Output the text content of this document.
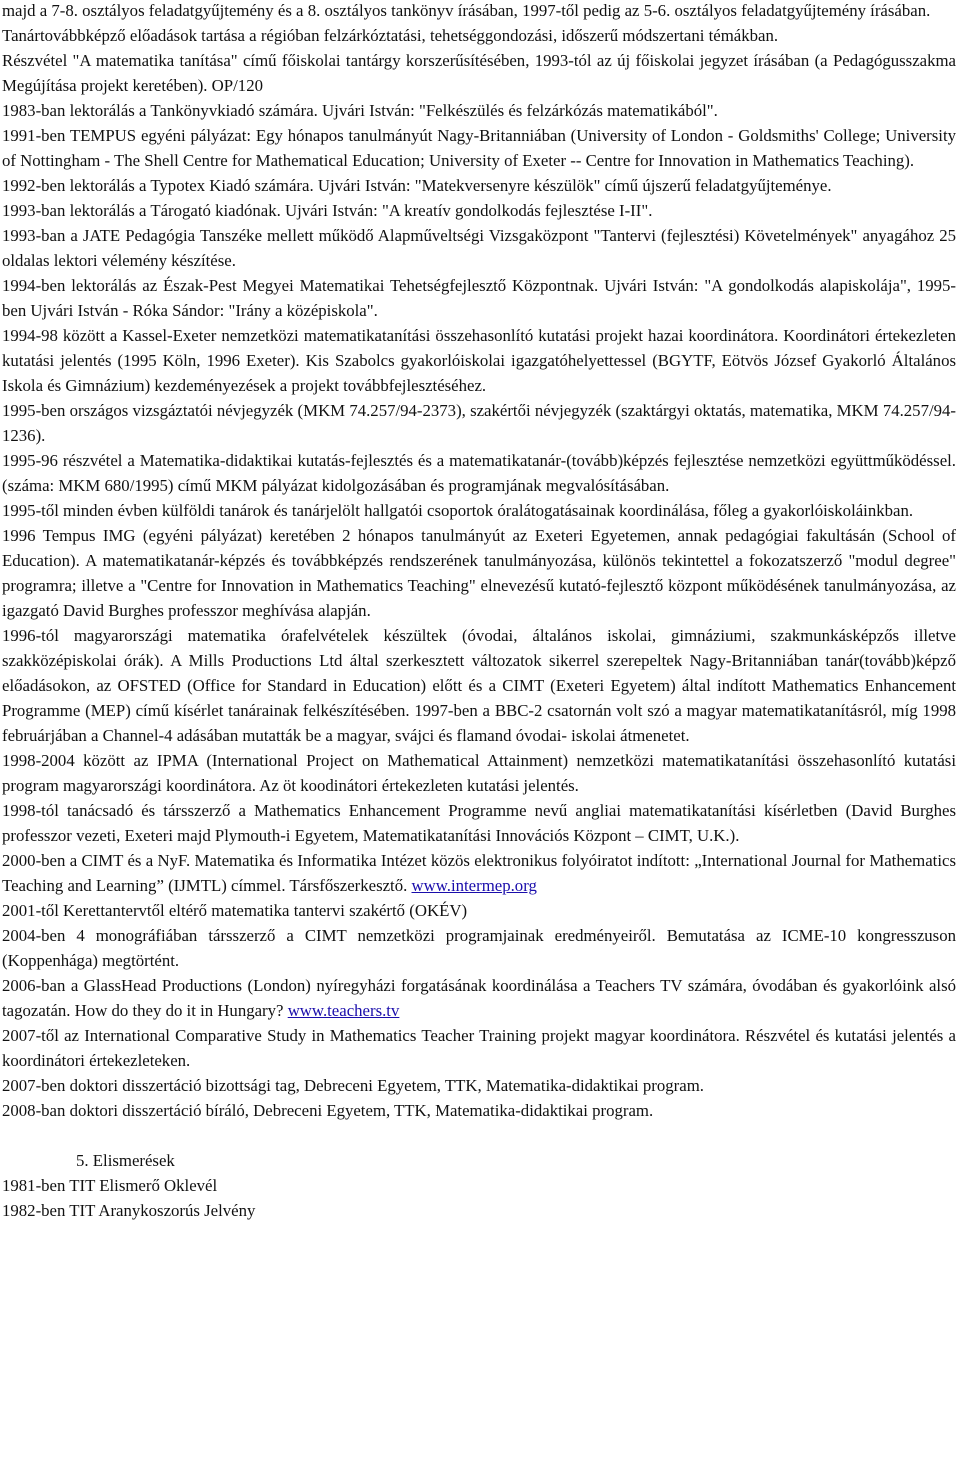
majd a 7-8. osztályos feladatgyűjtemény és a 8. osztályos tankönyv írásában, 1997-től pedig az 5-6. osztályos feladatgyűjtemény írásában.

Tanártovábbképző előadások tartása a régióban felzárkóztatási, tehetséggondozási, időszerű módszertani témákban.

Részvétel "A matematika tanítása" című főiskolai tantárgy korszerűsítésében, 1993-tól az új főiskolai jegyzet írásában (a Pedagógusszakma Megújítása projekt keretében). OP/120

1983-ban lektorálás a Tankönyvkiadó számára. Ujvári István: "Felkészülés és felzárkózás matematikából".

1991-ben TEMPUS egyéni pályázat: Egy hónapos tanulmányút Nagy-Britanniában (University of London - Goldsmiths' College; University of Nottingham - The Shell Centre for Mathematical Education; University of Exeter -- Centre for Innovation in Mathematics Teaching).

1992-ben lektorálás a Typotex Kiadó számára. Ujvári István: "Matekversenyre készülök" című újszerű feladatgyűjteménye.

1993-ban lektorálás a Tárogató kiadónak. Ujvári István: "A kreatív gondolkodás fejlesztése I-II".

1993-ban a JATE Pedagógia Tanszéke mellett működő Alapműveltségi Vizsgaközpont "Tantervi (fejlesztési) Követelmények" anyagához 25 oldalas lektori vélemény készítése.

1994-ben lektorálás az Észak-Pest Megyei Matematikai Tehetségfejlesztő Központnak. Ujvári István: "A gondolkodás alapiskolája", 1995-ben Ujvári István - Róka Sándor: "Irány a középiskola".

1994-98 között a Kassel-Exeter nemzetközi matematikatanítási összehasonlító kutatási projekt hazai koordinátora. Koordinátori értekezleten kutatási jelentés (1995 Köln, 1996 Exeter). Kis Szabolcs gyakorlóiskolai igazgatóhelyettessel (BGYTF, Eötvös József Gyakorló Általános Iskola és Gimnázium) kezdeményezések a projekt továbbfejlesztéséhez.

1995-ben országos vizsgáztatói névjegyzék (MKM 74.257/94-2373), szakértői névjegyzék (szaktárgyi oktatás, matematika, MKM 74.257/94-1236).

1995-96 részvétel a Matematika-didaktikai kutatás-fejlesztés és a matematikatanár-(tovább)képzés fejlesztése nemzetközi együttműködéssel. (száma: MKM 680/1995) című MKM pályázat kidolgozásában és programjának megvalósításában.

1995-től minden évben külföldi tanárok és tanárjelölt hallgatói csoportok óralátogatásainak koordinálása, főleg a gyakorlóiskoláinkban.

1996 Tempus IMG (egyéni pályázat) keretében 2 hónapos tanulmányút az Exeteri Egyetemen, annak pedagógiai fakultásán (School of Education). A matematikatanár-képzés és továbbképzés rendszerének tanulmányozása, különös tekintettel a fokozatszerző "modul degree" programra; illetve a "Centre for Innovation in Mathematics Teaching" elnevezésű kutató-fejlesztő központ működésének tanulmányozása, az igazgató David Burghes professzor meghívása alapján.

1996-tól magyarországi matematika órafelvételek készültek (óvodai, általános iskolai, gimnáziumi, szakmunkásképzős illetve szakközépiskolai órák). A Mills Productions Ltd által szerkesztett változatok sikerrel szerepeltek Nagy-Britanniában tanár(tovább)képző előadásokon, az OFSTED (Office for Standard in Education) előtt és a CIMT (Exeteri Egyetem) által indított Mathematics Enhancement Programme (MEP) című kísérlet tanárainak felkészítésében. 1997-ben a BBC-2 csatornán volt szó a magyar matematikatanításról, míg 1998 februárjában a Channel-4 adásában mutatták be a magyar, svájci és flamand óvodai- iskolai átmenetet.

1998-2004 között az IPMA (International Project on Mathematical Attainment) nemzetközi matematikatanítási összehasonlító kutatási program magyarországi koordinátora. Az öt koodinátori értekezleten kutatási jelentés.

1998-tól tanácsadó és társszerző a Mathematics Enhancement Programme nevű angliai matematikatanítási kísérletben (David Burghes professzor vezeti, Exeteri majd Plymouth-i Egyetem, Matematikatanítási Innovációs Központ – CIMT, U.K.).

2000-ben a CIMT és a NyF. Matematika és Informatika Intézet közös elektronikus folyóiratot indított: „International Journal for Mathematics Teaching and Learning” (IJMTL) címmel. Társfőszerkesztő. www.intermep.org

2001-től Kerettantervtől eltérő matematika tantervi szakértő (OKÉV)

2004-ben 4 monográfiában társszerző a CIMT nemzetközi programjainak eredményeiről. Bemutatása az ICME-10 kongresszuson (Koppenhága) megtörtént.

2006-ban a GlassHead Productions (London) nyíregyházi forgatásának koordinálása a Teachers TV számára, óvodában és gyakorlóink alsó tagozatán. How do they do it in Hungary? www.teachers.tv

2007-től az International Comparative Study in Mathematics Teacher Training projekt magyar koordinátora. Részvétel és kutatási jelentés a koordinátori értekezleteken.

2007-ben doktori disszertáció bizottsági tag, Debreceni Egyetem, TTK, Matematika-didaktikai program.

2008-ban doktori disszertáció bíráló, Debreceni Egyetem, TTK, Matematika-didaktikai program.

5. Elismerések

1981-ben TIT Elismerő Oklevél

1982-ben TIT Aranykoszorús Jelvény
